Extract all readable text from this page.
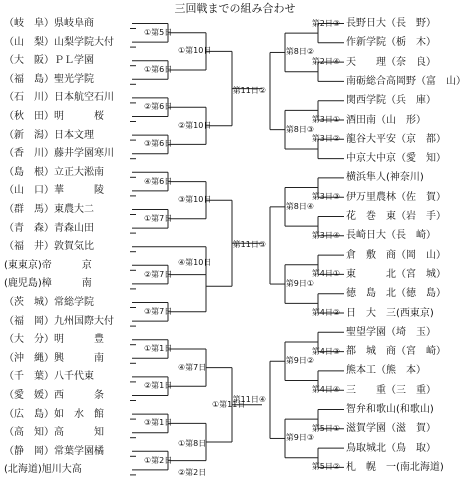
三回戦までの組み合わせ
（岐　阜）県岐阜商
（山　梨）山梨学院大付
（大　阪）ＰＬ学園
（福　島）聖光学院
（石　川）日本航空石川
（秋　田）明　　　桜
（新　潟）日本文理
（香　川）藤井学園寒川
（島　根）立正大淞南
（山　口）華　　　陵
（群　馬）東農大二
（青　森）青森山田
（福　井）敦賀気比
(東東京)帝　　　京
(鹿児島)樟　　　南
（茨　城）常総学院
（福　岡）九州国際大付
（大　分）明　　　豊
（沖　縄）興　　　南
（千　葉）八千代東
（愛　媛）西　　　条
（広　島）如　水　館
（高　知）高　　　知
（静　岡）常葉学園橘
(北海道)旭川大高
長野日大（長　野）
作新学院（栃　木）
天　　理（奈　良）
南砺総合高岡野（富　山）
関西学院（兵　庫）
酒田南（山　形）
龍谷大平安（京　都）
中京大中京（愛　知）
横浜隼人(神奈川)
伊万里農林（佐　賀）
花　巻　東（岩　手）
長崎日大（長　崎）
倉　敷　商（岡　山）
東　　　北（宮　城）
徳　島　北（徳　島）
日　大　三(西東京)
聖望学園（埼　玉）
都　城　商（宮　崎）
熊本工（熊　本）
三　　重（三　重）
智弁和歌山(和歌山)
滋賀学園（滋　賀）
鳥取城北（鳥　取）
札　幌　一(南北海道)
①第5日
①第6日
①第10日
②第6日
③第6日
②第10日
④第6日
①第7日
③第10日
②第7日
③第7日
④第10日
①第1日
②第1日
④第7日
③第1日
①第2日
①第8日
①第11日
②第2日
第2日③
第2日④
第8日②
第3日①
第3日②
第8日③
第11日②
第3日③
第3日④
第8日④
第4日①
第4日②
第9日①
第11日③
第4日③
第4日④
第9日②
第5日①
第5日②
第9日③
第11日④
